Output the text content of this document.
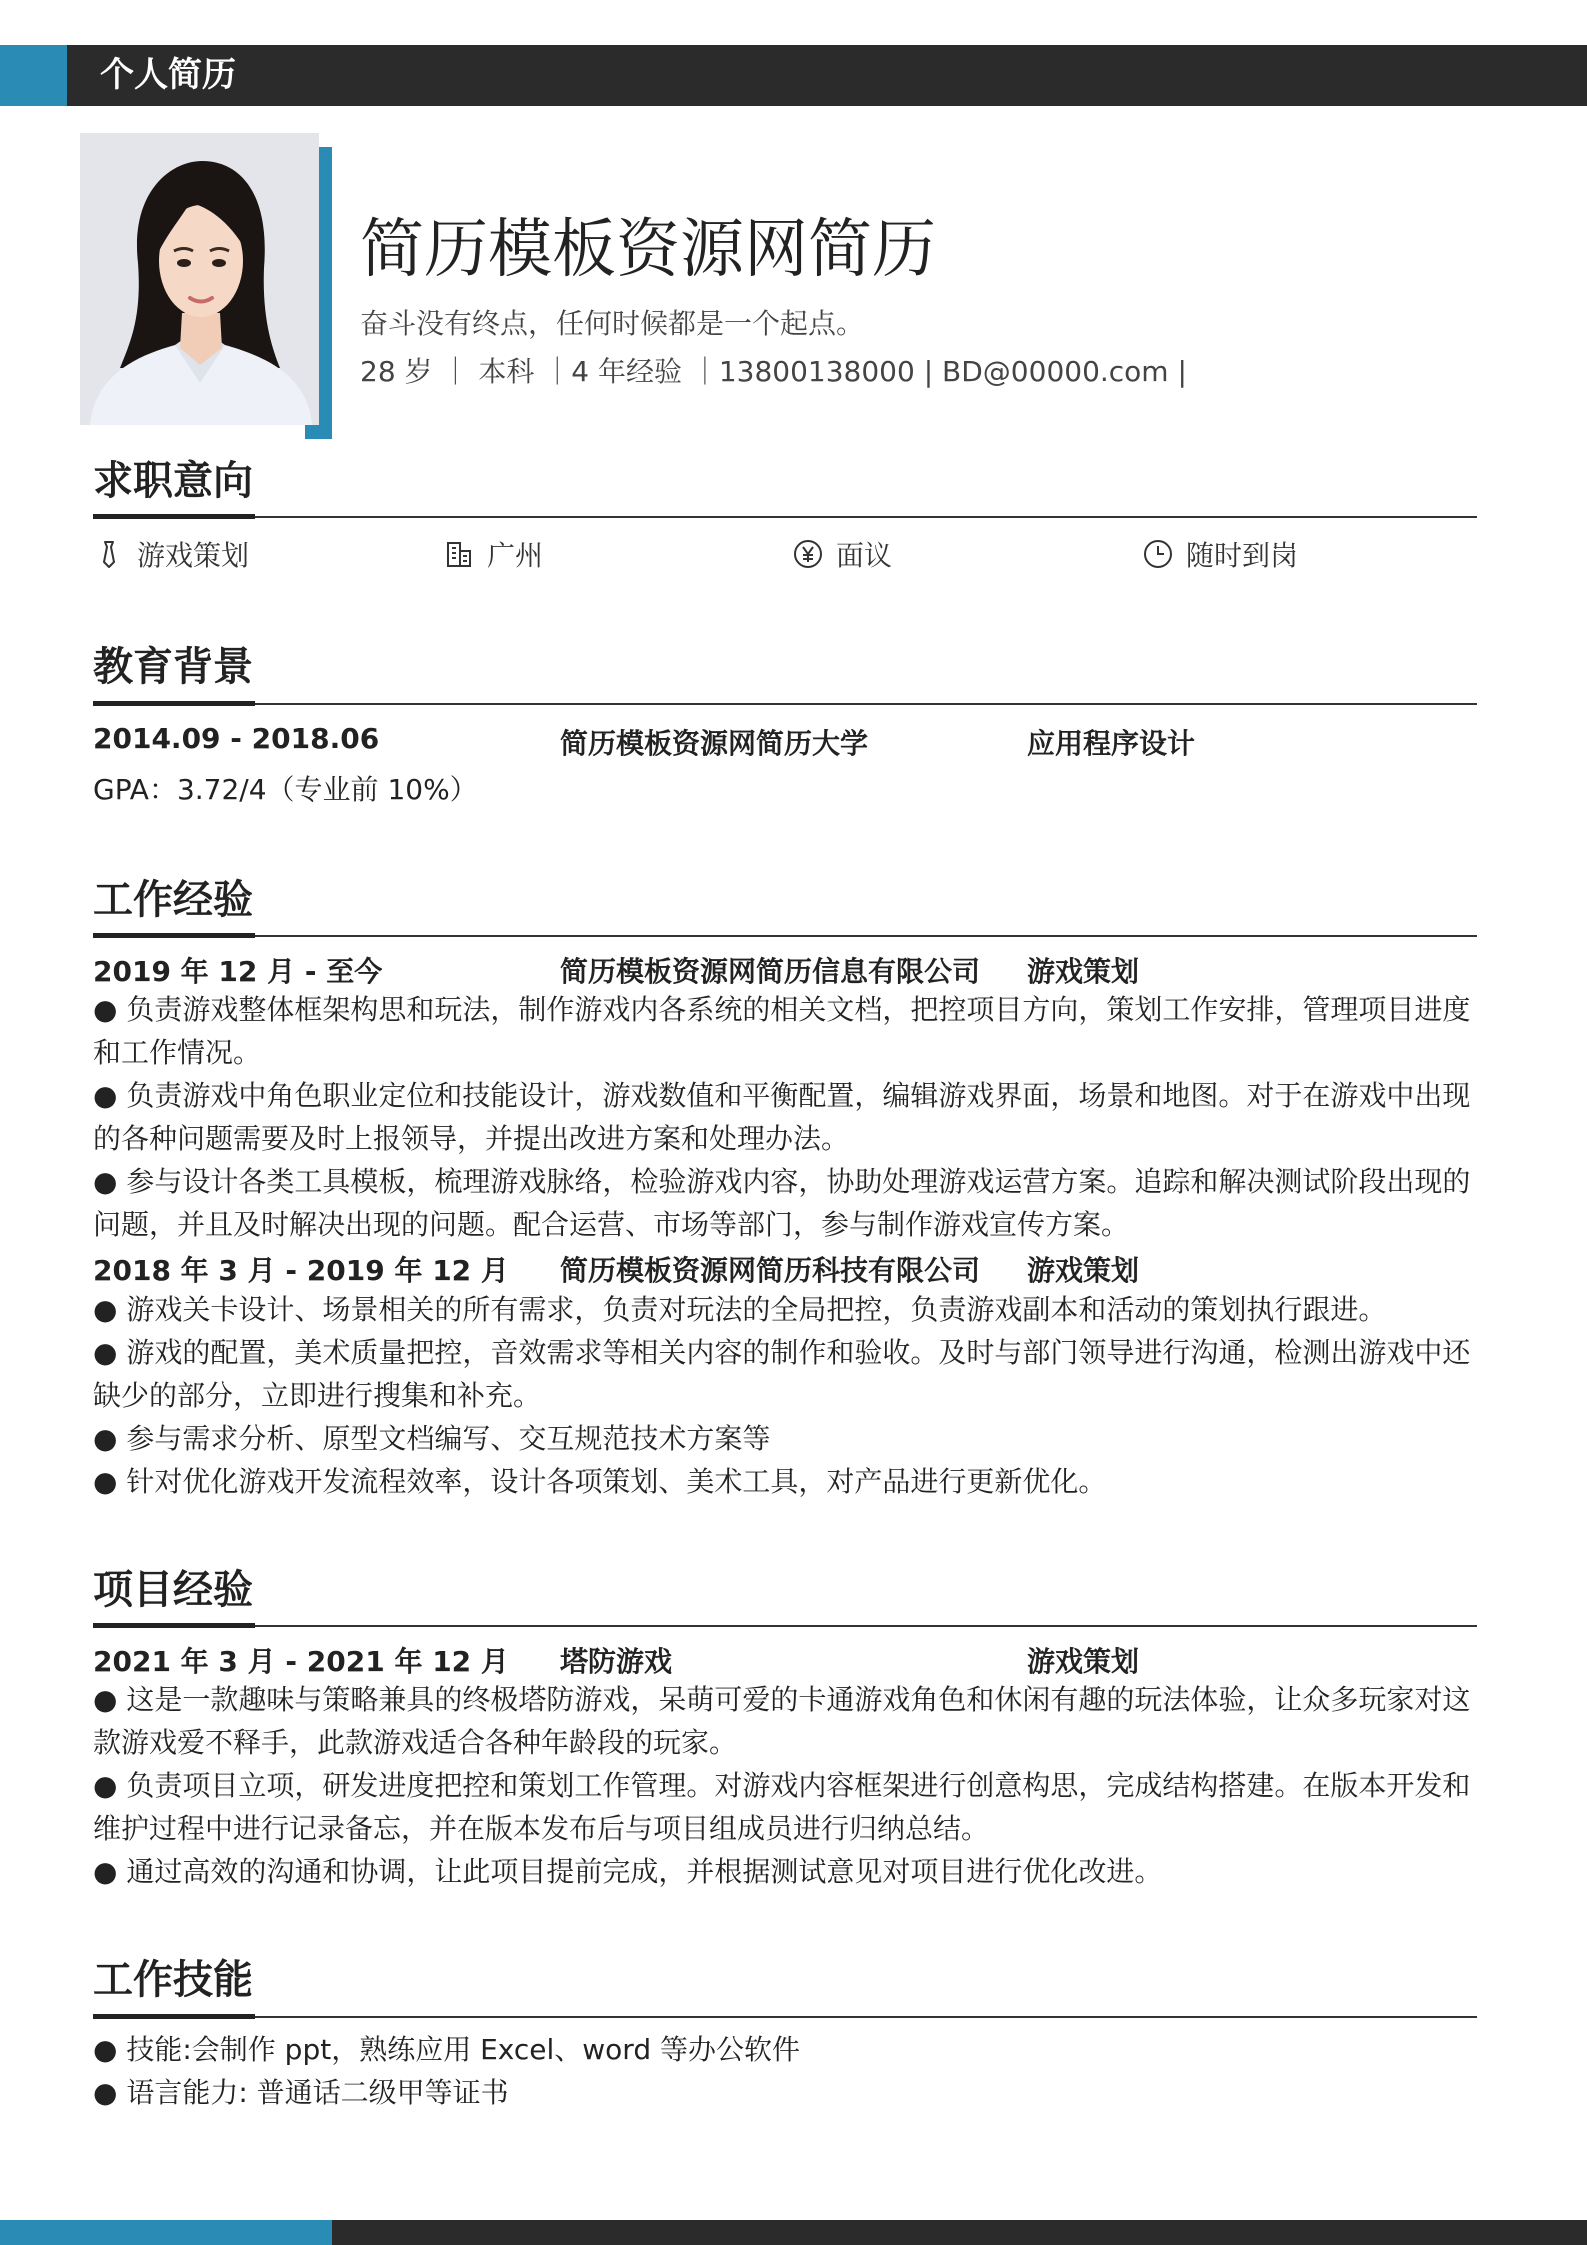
个人简历
简历模板资源网简历
奋斗没有终点，任何时候都是一个起点。
28 岁 ｜ 本科 ｜4 年经验 ｜13800138000 | BD@00000.com |
求职意向
游戏策划	广州	面议	随时到岗
教育背景
2014.09 - 2018.06	简历模板资源网简历大学	应用程序设计
GPA：3.72/4（专业前 10%）
工作经验
2019 年 12 月 - 至今	简历模板资源网简历信息有限公司 游戏策划

● 负责游戏整体框架构思和玩法，制作游戏内各系统的相关文档，把控项目方向，策划工作安排，管理项目进度和工作情况。

● 负责游戏中角色职业定位和技能设计，游戏数值和平衡配置，编辑游戏界面，场景和地图。对于在游戏中出现的各种问题需要及时上报领导，并提出改进方案和处理办法。

● 参与设计各类工具模板，梳理游戏脉络，检验游戏内容，协助处理游戏运营方案。追踪和解决测试阶段出现的问题，并且及时解决出现的问题。配合运营、市场等部门，参与制作游戏宣传方案。

2018 年 3 月 - 2019 年 12 月 简历模板资源网简历科技有限公司 游戏策划

● 游戏关卡设计、场景相关的所有需求，负责对玩法的全局把控，负责游戏副本和活动的策划执行跟进。

● 游戏的配置，美术质量把控，音效需求等相关内容的制作和验收。及时与部门领导进行沟通，检测出游戏中还缺少的部分，立即进行搜集和补充。

● 参与需求分析、原型文档编写、交互规范技术方案等

● 针对优化游戏开发流程效率，设计各项策划、美术工具，对产品进行更新优化。

项目经验
2021 年 3 月 - 2021 年 12 月 塔防游戏	游戏策划

● 这是一款趣味与策略兼具的终极塔防游戏，呆萌可爱的卡通游戏角色和休闲有趣的玩法体验，让众多玩家对这款游戏爱不释手，此款游戏适合各种年龄段的玩家。

● 负责项目立项，研发进度把控和策划工作管理。对游戏内容框架进行创意构思，完成结构搭建。在版本开发和维护过程中进行记录备忘，并在版本发布后与项目组成员进行归纳总结。

● 通过高效的沟通和协调，让此项目提前完成，并根据测试意见对项目进行优化改进。

工作技能

● 技能:会制作 ppt，熟练应用 Excel、word 等办公软件

● 语言能力: 普通话二级甲等证书
